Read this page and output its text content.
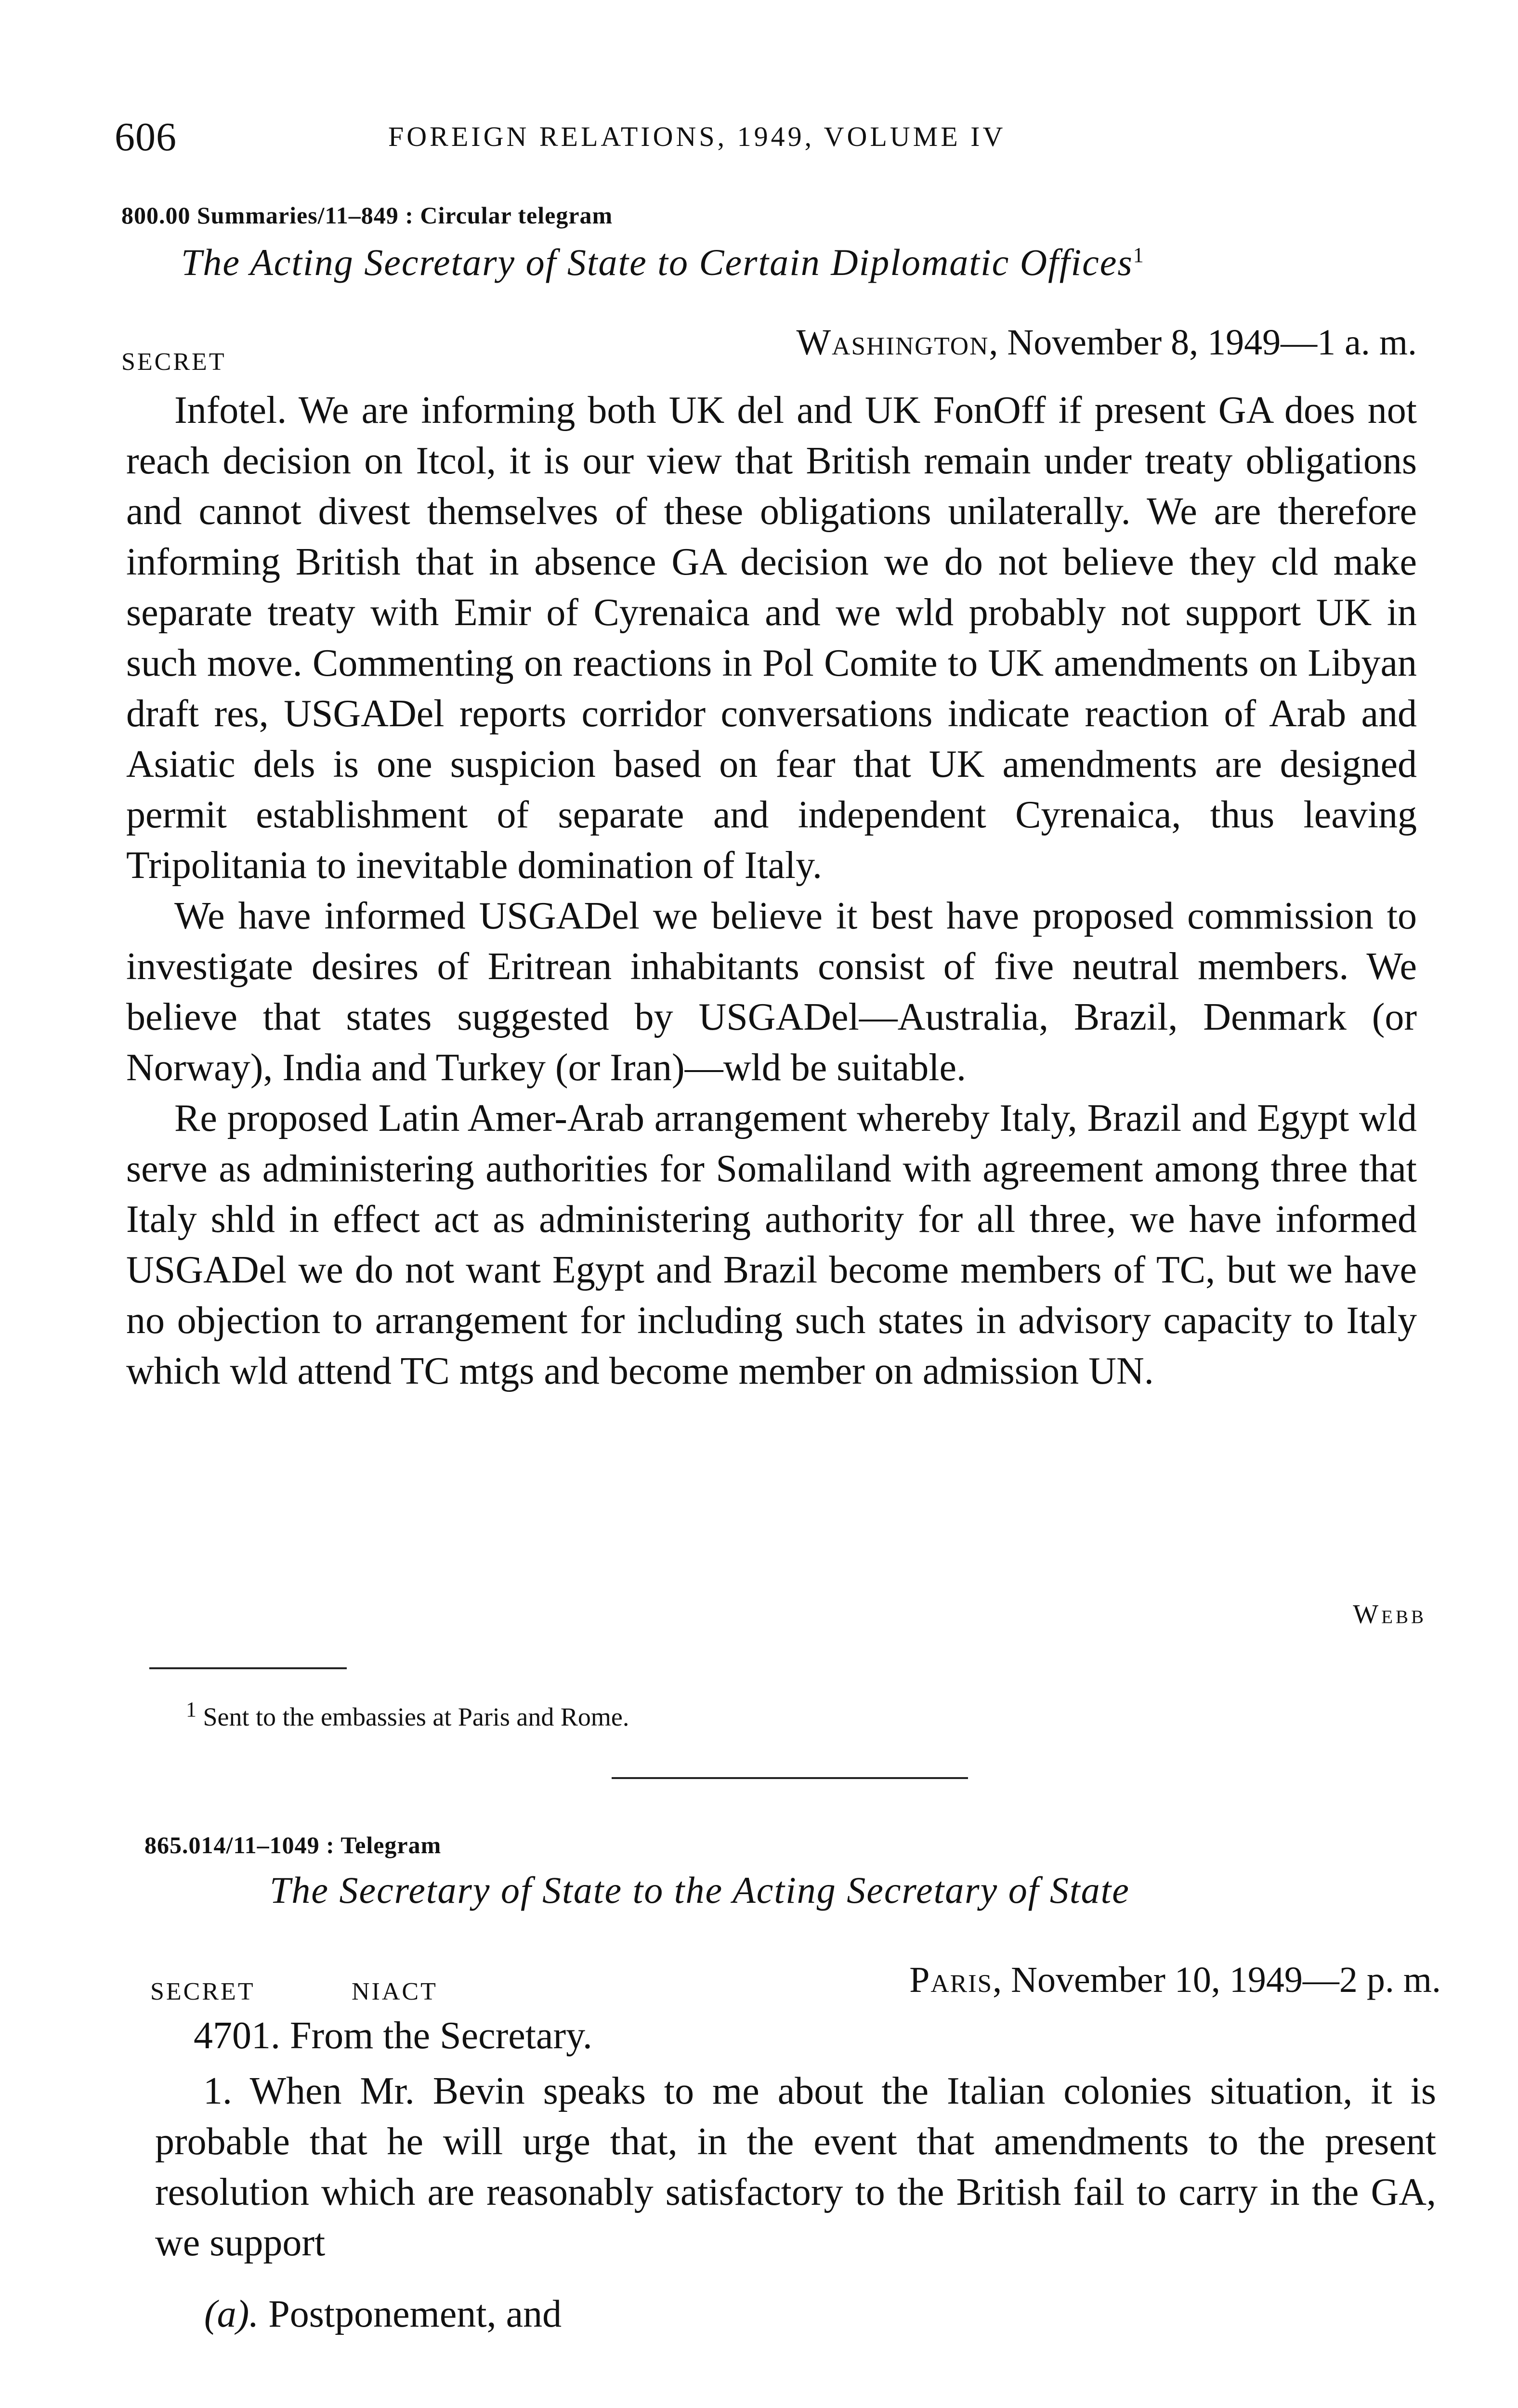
606	FOREIGN RELATIONS, 1949, VOLUME IV
800.00 Summaries/11–849 : Circular telegram
The Acting Secretary of State to Certain Diplomatic Offices$^1$
SECRET	Washington, November 8, 1949—1 a. m.

Infotel. We are informing both UK del and UK FonOff if present GA does not reach decision on Itcol, it is our view that British remain under treaty obligations and cannot divest themselves of these obligations unilaterally. We are therefore informing British that in absence GA decision we do not believe they cld make separate treaty with Emir of Cyrenaica and we wld probably not support UK in such move. Commenting on reactions in Pol Comite to UK amendments on Libyan draft res, USGADel reports corridor conversations indicate reaction of Arab and Asiatic dels is one suspicion based on fear that UK amendments are designed permit establishment of separate and independent Cyrenaica, thus leaving Tripolitania to inevitable domination of Italy.

We have informed USGADel we believe it best have proposed commission to investigate desires of Eritrean inhabitants consist of five neutral members. We believe that states suggested by USGADel—Australia, Brazil, Denmark (or Norway), India and Turkey (or Iran)—wld be suitable.

Re proposed Latin Amer-Arab arrangement whereby Italy, Brazil and Egypt wld serve as administering authorities for Somaliland with agreement among three that Italy shld in effect act as administering authority for all three, we have informed USGADel we do not want Egypt and Brazil become members of TC, but we have no objection to arrangement for including such states in advisory capacity to Italy which wld attend TC mtgs and become member on admission UN.

Webb
$^1$ Sent to the embassies at Paris and Rome.
865.014/11–1049 : Telegram
The Secretary of State to the Acting Secretary of State
SECRET	NIACT	Paris, November 10, 1949—2 p. m.
4701. From the Secretary.

1. When Mr. Bevin speaks to me about the Italian colonies situation, it is probable that he will urge that, in the event that amendments to the present resolution which are reasonably satisfactory to the British fail to carry in the GA, we support

(a). Postponement, and
